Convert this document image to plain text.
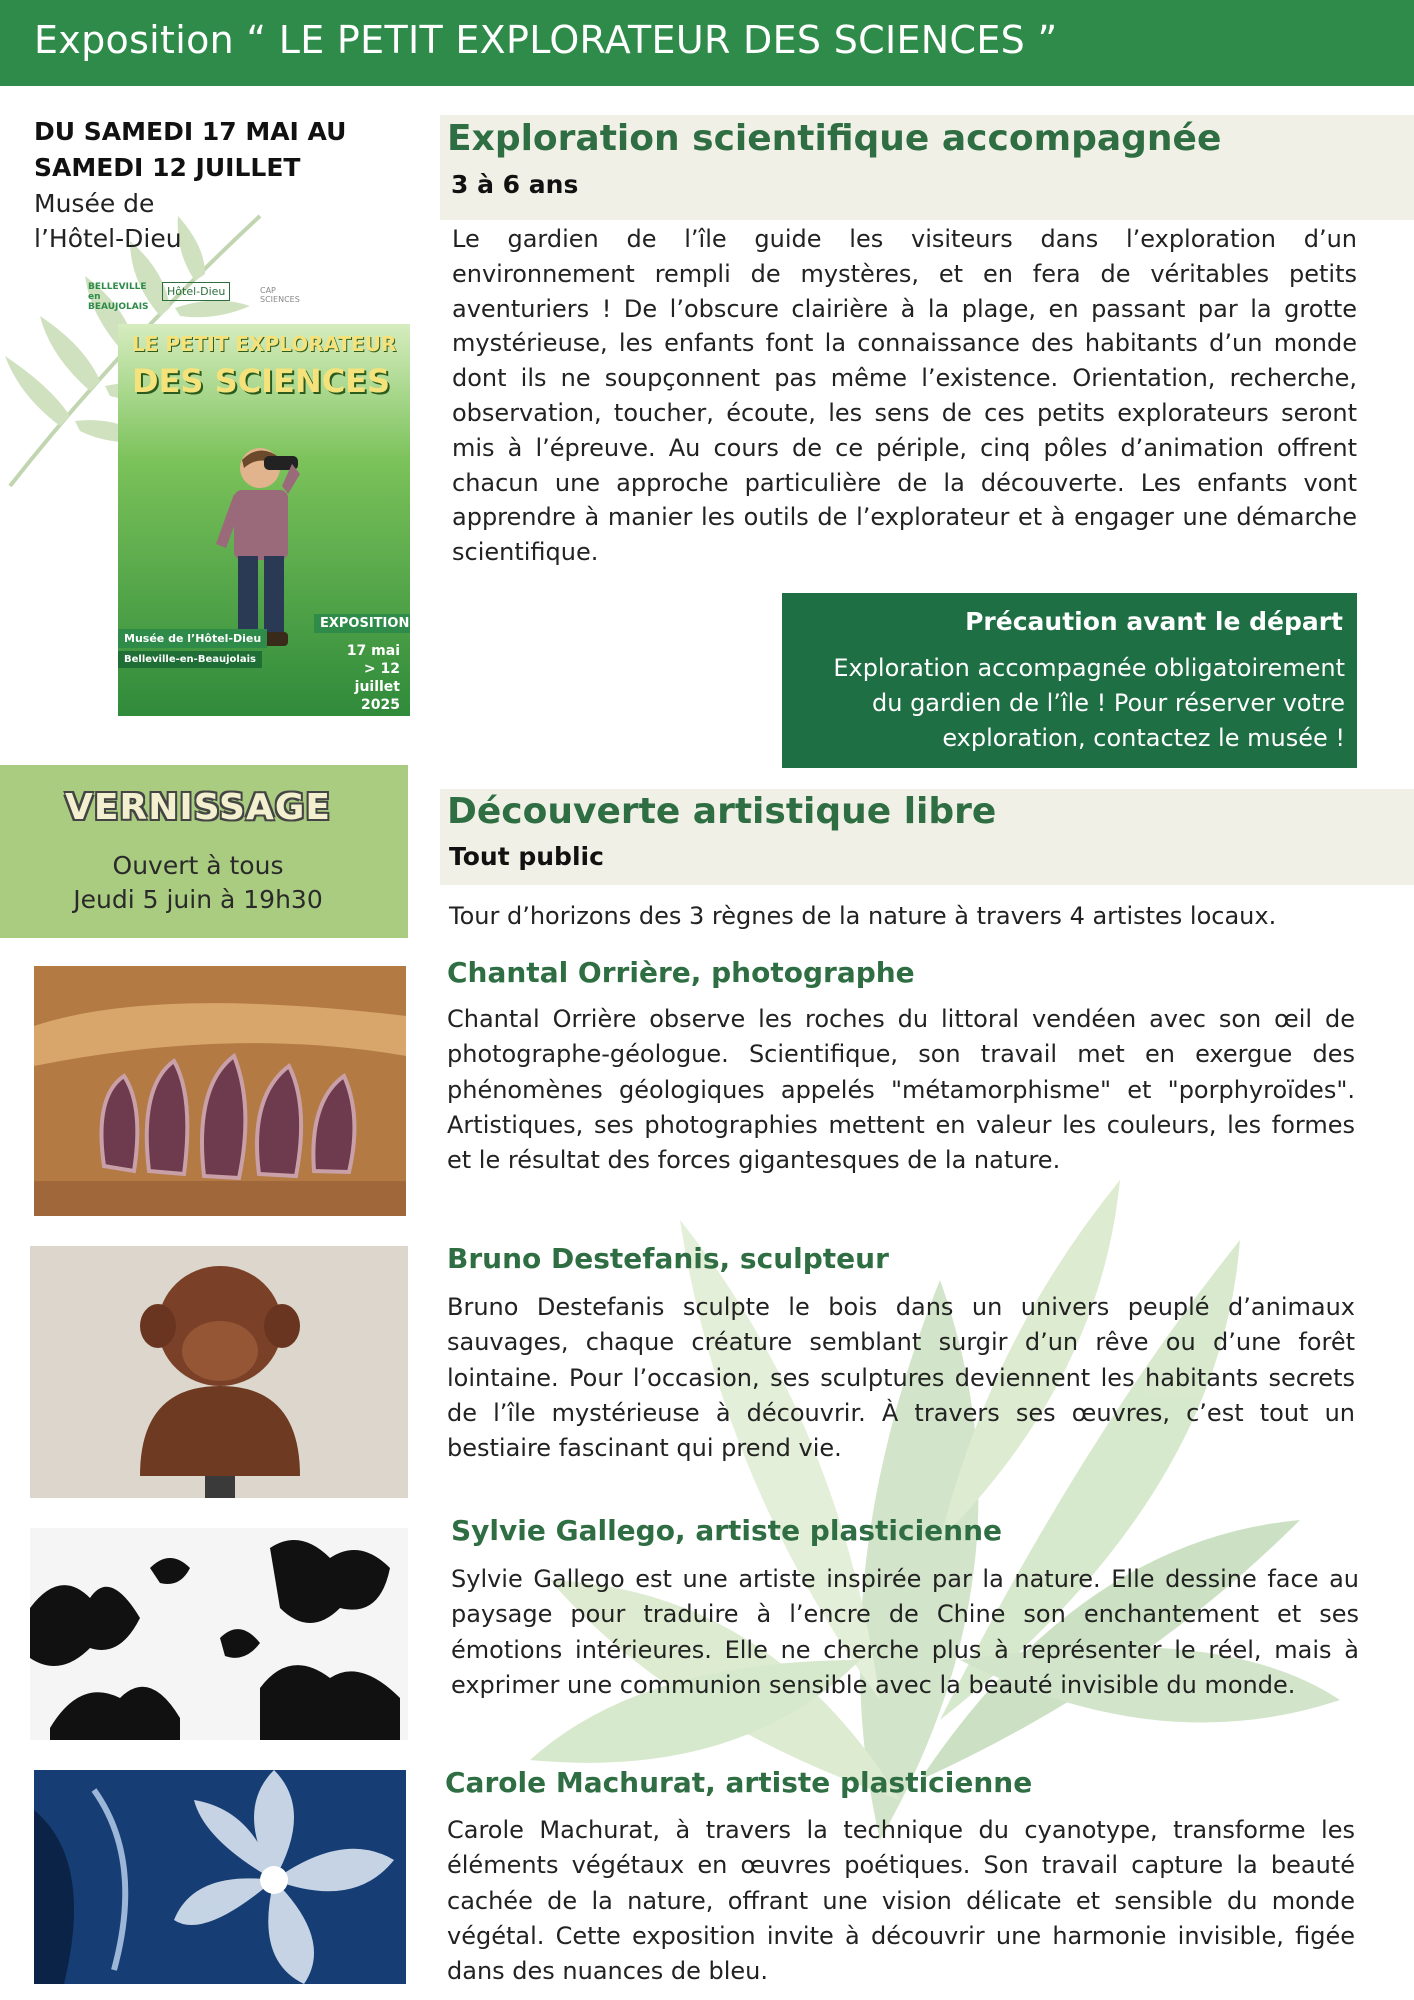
Exposition “ LE PETIT EXPLORATEUR DES SCIENCES ”
DU SAMEDI 17 MAI AU
SAMEDI 12 JUILLET
Musée de
l’Hôtel-Dieu
BELLEVILLE
en
BEAUJOLAIS
Hôtel-Dieu	CAP
SCIENCES
LE PETIT EXPLORATEUR
DES SCIENCES
EXPOSITION
Musée de l’Hôtel-Dieu
Belleville-en-Beaujolais
17 mai
> 12 juillet
2025
Exploration scientifique accompagnée
3 à 6 ans
Le gardien de l’île guide les visiteurs dans l’exploration d’un environnement rempli de mystères, et en fera de véritables petits aventuriers ! De l’obscure clairière à la plage, en passant par la grotte mystérieuse, les enfants font la connaissance des habitants d’un monde dont ils ne soupçonnent pas même l’existence. Orientation, recherche, observation, toucher, écoute, les sens de ces petits explorateurs seront mis à l’épreuve. Au cours de ce périple, cinq pôles d’animation offrent chacun une approche particulière de la découverte. Les enfants vont apprendre à manier les outils de l’explorateur et à engager une démarche scientifique.
Précaution avant le départ
Exploration accompagnée obligatoirement
du gardien de l’île ! Pour réserver votre
exploration, contactez le musée !
VERNISSAGE
Ouvert à tous
Jeudi 5 juin à 19h30
Découverte artistique libre
Tout public
Tour d’horizons des 3 règnes de la nature à travers 4 artistes locaux.
Chantal Orrière, photographe
Chantal Orrière observe les roches du littoral vendéen avec son œil de photographe-géologue. Scientifique, son travail met en exergue des phénomènes géologiques appelés "métamorphisme" et "porphyroïdes". Artistiques, ses photographies mettent en valeur les couleurs, les formes et le résultat des forces gigantesques de la nature.
Bruno Destefanis, sculpteur
Bruno Destefanis sculpte le bois dans un univers peuplé d’animaux sauvages, chaque créature semblant surgir d’un rêve ou d’une forêt lointaine. Pour l’occasion, ses sculptures deviennent les habitants secrets de l’île mystérieuse à découvrir. À travers ses œuvres, c’est tout un bestiaire fascinant qui prend vie.
Sylvie Gallego, artiste plasticienne
Sylvie Gallego est une artiste inspirée par la nature. Elle dessine face au paysage pour traduire à l’encre de Chine son enchantement et ses émotions intérieures. Elle ne cherche plus à représenter le réel, mais à exprimer une communion sensible avec la beauté invisible du monde.
Carole Machurat, artiste plasticienne
Carole Machurat, à travers la technique du cyanotype, transforme les éléments végétaux en œuvres poétiques. Son travail capture la beauté cachée de la nature, offrant une vision délicate et sensible du monde végétal. Cette exposition invite à découvrir une harmonie invisible, figée dans des nuances de bleu.
